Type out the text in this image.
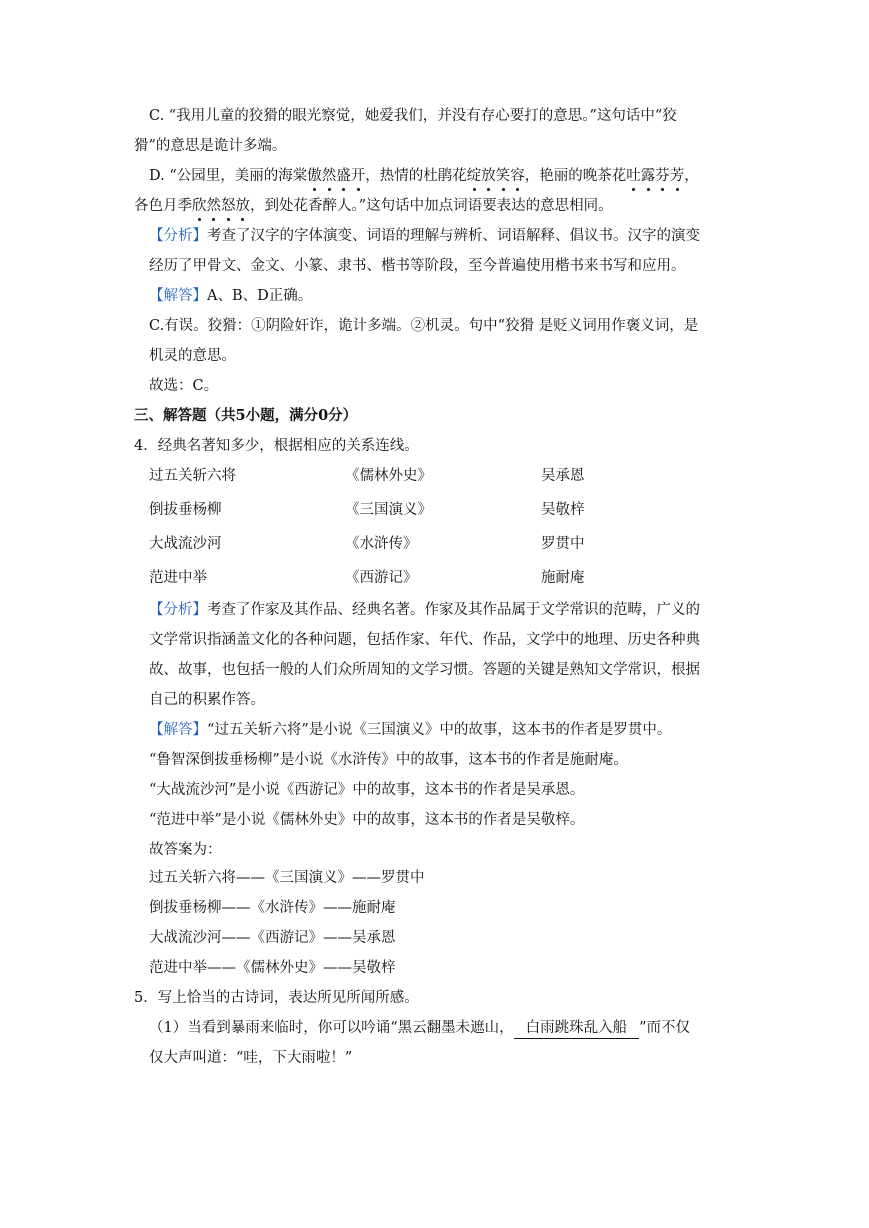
C. “我用儿童的狡猾的眼光察觉，她爱我们，并没有存心要打的意思。”这句话中“狡
猾”的意思是诡计多端。
D. “公园里，美丽的海棠傲然盛开，热情的杜鹃花绽放笑容，艳丽的晚茶花吐露芬芳，
各色月季欣然怒放，到处花香醉人。”这句话中加点词语要表达的意思相同。
【分析】考查了汉字的字体演变、词语的理解与辨析、词语解释、倡议书。汉字的演变
经历了甲骨文、金文、小篆、隶书、楷书等阶段，至今普遍使用楷书来书写和应用。
【解答】A、B、D正确。
C.有误。狡猾：①阴险奸诈，诡计多端。②机灵。句中“狡猾 是贬义词用作褒义词，是
机灵的意思。
故选：C。
三、解答题（共5小题，满分0分）
4．经典名著知多少，根据相应的关系连线。
过五关斩六将
倒拔垂杨柳
大战流沙河
范进中举
《儒林外史》
《三国演义》
《水浒传》
《西游记》
吴承恩
吴敬梓
罗贯中
施耐庵
【分析】考查了作家及其作品、经典名著。作家及其作品属于文学常识的范畴，广义的
文学常识指涵盖文化的各种问题，包括作家、年代、作品，文学中的地理、历史各种典
故、故事，也包括一般的人们众所周知的文学习惯。答题的关键是熟知文学常识，根据
自己的积累作答。
【解答】“过五关斩六将”是小说《三国演义》中的故事，这本书的作者是罗贯中。
“鲁智深倒拔垂杨柳”是小说《水浒传》中的故事，这本书的作者是施耐庵。
“大战流沙河”是小说《西游记》中的故事，这本书的作者是吴承恩。
“范进中举”是小说《儒林外史》中的故事，这本书的作者是吴敬梓。
故答案为：
过五关斩六将——《三国演义》——罗贯中
倒拔垂杨柳——《水浒传》——施耐庵
大战流沙河——《西游记》——吴承恩
范进中举——《儒林外史》——吴敬梓
5．写上恰当的古诗词，表达所见所闻所感。
（1）当看到暴雨来临时，你可以吟诵“黑云翻墨未遮山， 白雨跳珠乱入船 ”而不仅
仅大声叫道：“哇，下大雨啦！”
